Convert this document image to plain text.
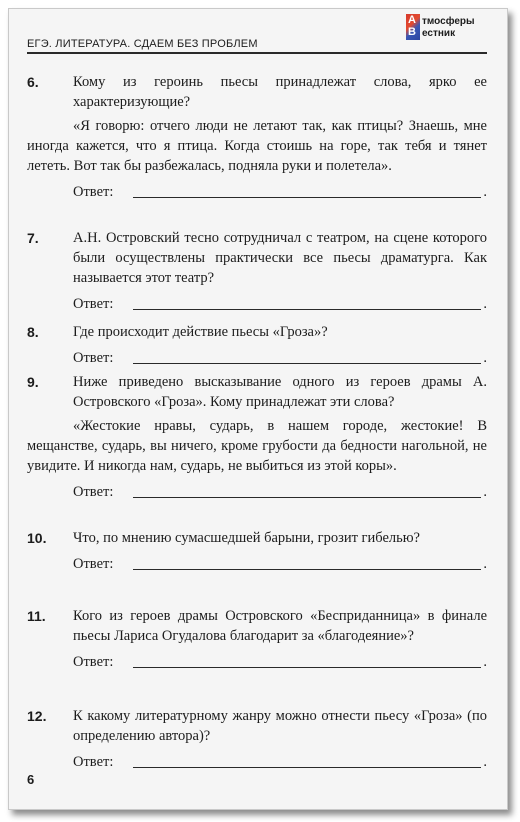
А
В
тмосферы
естник
ЕГЭ. ЛИТЕРАТУРА. СДАЕМ БЕЗ ПРОБЛЕМ
6. Кому из героинь пьесы принадлежат слова, ярко ее характеризующие?
«Я говорю: отчего люди не летают так, как птицы? Знаешь, мне иногда кажется, что я птица. Когда стоишь на горе, так тебя и тянет лететь. Вот так бы разбежалась, подняла руки и полетела».
Ответ:	.
7. А.Н. Островский тесно сотрудничал с театром, на сцене которого были осуществлены практически все пьесы драматурга. Как называется этот театр?
Ответ:	.
8. Где происходит действие пьесы «Гроза»?
Ответ:	.
9. Ниже приведено высказывание одного из героев драмы А. Островского «Гроза». Кому принадлежат эти слова?
«Жестокие нравы, сударь, в нашем городе, жестокие! В мещанстве, сударь, вы ничего, кроме грубости да бедности нагольной, не увидите. И никогда нам, сударь, не выбиться из этой коры».
Ответ:	.
10. Что, по мнению сумасшедшей барыни, грозит гибелью?
Ответ:	.
11. Кого из героев драмы Островского «Бесприданница» в финале пьесы Лариса Огудалова благодарит за «благодеяние»?
Ответ:	.
12. К какому литературному жанру можно отнести пьесу «Гроза» (по определению автора)?
Ответ:	.
6
